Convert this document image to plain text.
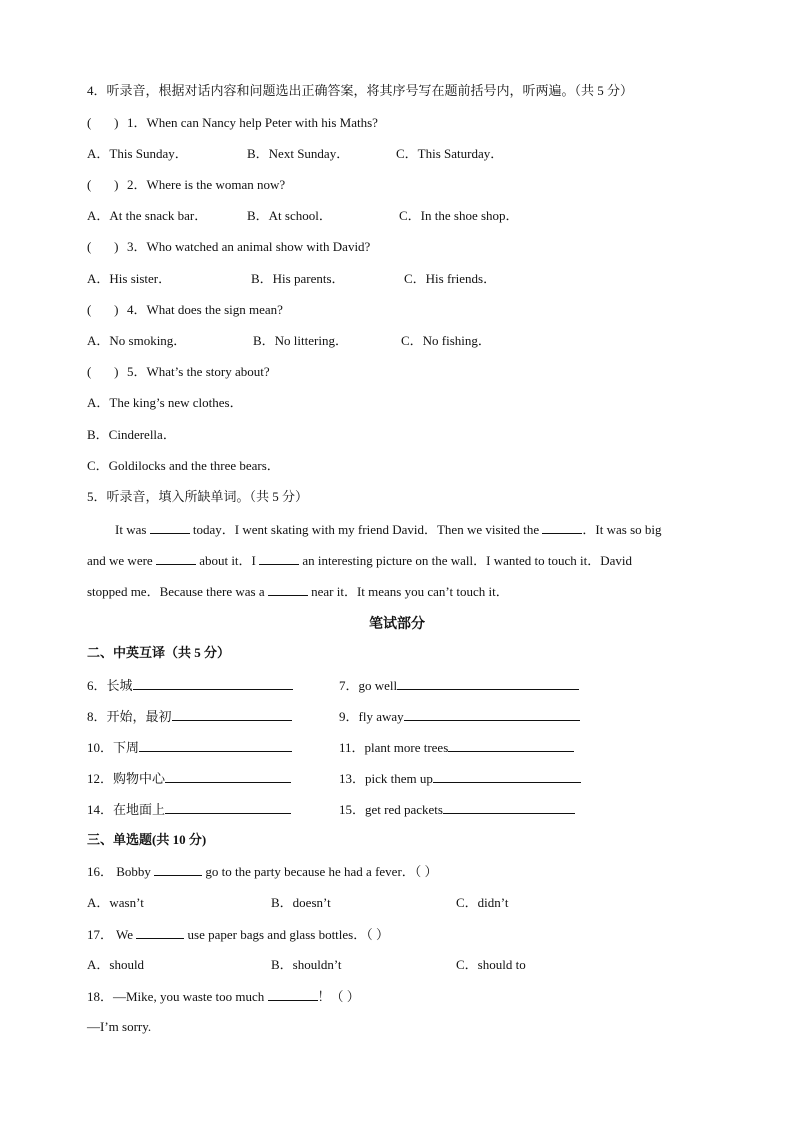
4．听录音，根据对话内容和问题选出正确答案，将其序号写在题前括号内，听两遍。（共 5 分）
(       ) 1．When can Nancy help Peter with his Maths?
A．This Sunday．	B．Next Sunday．	C．This Saturday．
(       ) 2．Where is the woman now?
A．At the snack bar．	B．At school．	C．In the shoe shop．
(       ) 3．Who watched an animal show with David?
A．His sister．	B．His parents．	C．His friends．
(       ) 4．What does the sign mean?
A．No smoking．	B．No littering．	C．No fishing．
(       ) 5．What’s the story about?
A．The king’s new clothes．
B．Cinderella．
C．Goldilocks and the three bears．
5．听录音，填入所缺单词。（共 5 分）
It was	today．I went skating with my friend David．Then we visited the	．It was so big
and we were	about it．I	an interesting picture on the wall．I wanted to touch it．David
stopped me．Because there was a	near it．It means you can’t touch it．
笔试部分
二、中英互译（共 5 分）
6．长城	7．go well
8．开始，最初	9．fly away
10．下周	11．plant more trees
12．购物中心	13．pick them up
14．在地面上	15．get red packets
三、单选题(共 10 分)
16． Bobby	go to the party because he had a fever．（ ）
A．wasn’t	B．doesn’t	C．didn’t
17． We	use paper bags and glass bottles．（ ）
A．should	B．shouldn’t	C．should to
18．—Mike, you waste too much	！（ ）
—I’m sorry.
